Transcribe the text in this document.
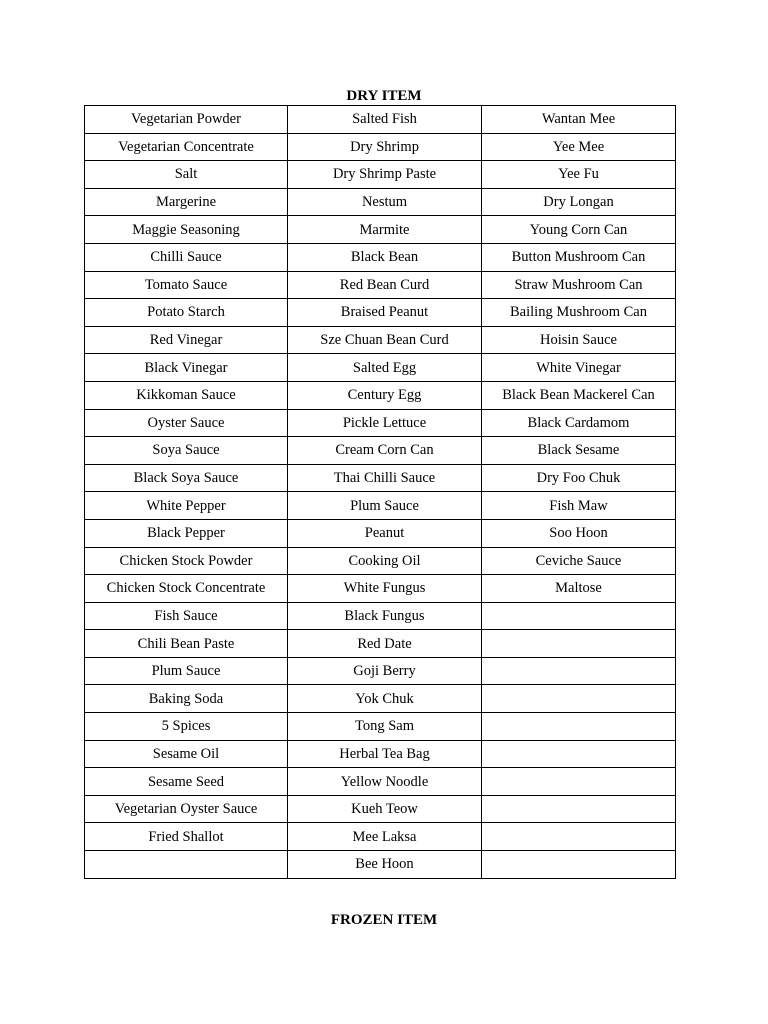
DRY ITEM
Vegetarian Powder	Salted Fish	Wantan Mee
Vegetarian Concentrate	Dry Shrimp	Yee Mee
Salt	Dry Shrimp Paste	Yee Fu
Margerine	Nestum	Dry Longan
Maggie Seasoning	Marmite	Young Corn Can
Chilli Sauce	Black Bean	Button Mushroom Can
Tomato Sauce	Red Bean Curd	Straw Mushroom Can
Potato Starch	Braised Peanut	Bailing Mushroom Can
Red Vinegar	Sze Chuan Bean Curd	Hoisin Sauce
Black Vinegar	Salted Egg	White Vinegar
Kikkoman Sauce	Century Egg	Black Bean Mackerel Can
Oyster Sauce	Pickle Lettuce	Black Cardamom
Soya Sauce	Cream Corn Can	Black Sesame
Black Soya Sauce	Thai Chilli Sauce	Dry Foo Chuk
White Pepper	Plum Sauce	Fish Maw
Black Pepper	Peanut	Soo Hoon
Chicken Stock Powder	Cooking Oil	Ceviche Sauce
Chicken Stock Concentrate	White Fungus	Maltose
Fish Sauce	Black Fungus	
Chili Bean Paste	Red Date	
Plum Sauce	Goji Berry	
Baking Soda	Yok Chuk	
5 Spices	Tong Sam	
Sesame Oil	Herbal Tea Bag	
Sesame Seed	Yellow Noodle	
Vegetarian Oyster Sauce	Kueh Teow	
Fried Shallot	Mee Laksa	
	Bee Hoon	
FROZEN ITEM
